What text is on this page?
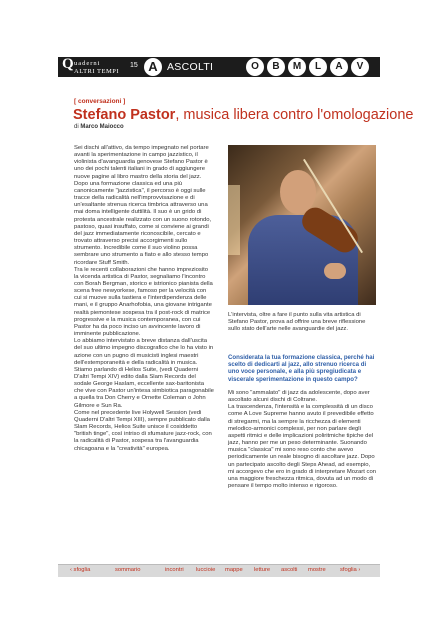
Q uaderni
ALTRI TEMPI
15 A ASCOLTI	O	B	M	L	A	V
[ conversazioni ]
Stefano Pastor, musica libera contro l'omologazione
di Marco Maiocco

Sei dischi all'attivo, da tempo impegnato nel portare avanti la sperimentazione in campo jazzistico, il violinista d'avanguardia genovese Stefano Pastor è uno dei pochi talenti italiani in grado di aggiungere nuove pagine al libro mastro della storia del jazz.

Dopo una formazione classica ed una più canonicamente "jazzistica", il percorso è oggi sulle tracce della radicalità nell'improvvisazione e di un'esaltante strenua ricerca timbrica attraverso una mai doma intelligente duttilità. Il suo è un grido di protesta ancestrale realizzato con un suono rotondo, pastoso, quasi insuffato, come si conviene ai grandi del jazz immediatamente riconoscibile, cercato e trovato attraverso precisi accorgimenti sullo strumento. Incredibile come il suo violino possa sembrare uno strumento a fiato e allo stesso tempo ricordare Stuff Smith.

Tra le recenti collaborazioni che hanno impreziosito la vicenda artistica di Pastor, segnaliamo l'incontro con Borah Bergman, storico e istrionico pianista della scena free newyorkese, famoso per la velocità con cui si muove sulla tastiera e l'interdipendenza delle mani, e il gruppo Anarhofobia, una giovane intrigante realtà piemontese sospesa tra il post-rock di matrice progressive e la musica contemporanea, con cui Pastor ha da poco inciso un avvincente lavoro di imminente pubblicazione.

Lo abbiamo intervistato a breve distanza dall'uscita del suo ultimo impegno discografico che lo ha visto in azione con un pugno di musicisti inglesi maestri dell'estemporaneità e della radicalità in musica. Stiamo parlando di Helios Suite, (vedi Quaderni D'altri Tempi XIV) edito dalla Slam Records del sodale George Haslam, eccellente sax-baritonista che vive con Pastor un'intesa simbiotica paragonabile a quella tra Don Cherry e Ornette Coleman o John Gilmore e Sun Ra.

Come nel precedente live Holywell Session (vedi Quaderni D'altri Tempi XIII), sempre pubblicato dalla Slam Records, Helios Suite unisce il cosiddetto "british tinge", così intriso di sfumature jazz-rock, con la radicalità di Pastor, sospesa tra l'avanguardia chicagoana e la "creatività" europea.

L'intervista, oltre a fare il punto sulla vita artistica di Stefano Pastor, prova ad offrire una breve riflessione sullo stato dell'arte nelle avanguardie del jazz.
Considerata la tua formazione classica, perché hai scelto di dedicarti al jazz, allo strenuo ricerca di uno voce personale, e alla più spregiudicata e viscerale sperimentazione in questo campo?

Mi sono "ammalato" di jazz da adolescente, dopo aver ascoltato alcuni dischi di Coltrane.

La trascendenza, l'intensità e la complessità di un disco come A Love Supreme hanno avuto il prevedibile effetto di stregarmi, ma la sempre la ricchezza di elementi melodico-armonici complessi, per non parlare degli aspetti ritmici e delle implicazioni poliritmiche tipiche del jazz, hanno per me un peso determinante. Suonando musica "classica" mi sono reso conto che avevo periodicamente un reale bisogno di ascoltare jazz. Dopo un partecipato ascolto degli Steps Ahead, ad esempio, mi accorgevo che ero in grado di interpretare Mozart con una maggiore freschezza ritmica, dovuta ad un modo di pensare il tempo molto intenso e rigoroso.

‹ sfoglia	sommario	incontri luccioie mappe letture ascolti mostre sfoglia ›
